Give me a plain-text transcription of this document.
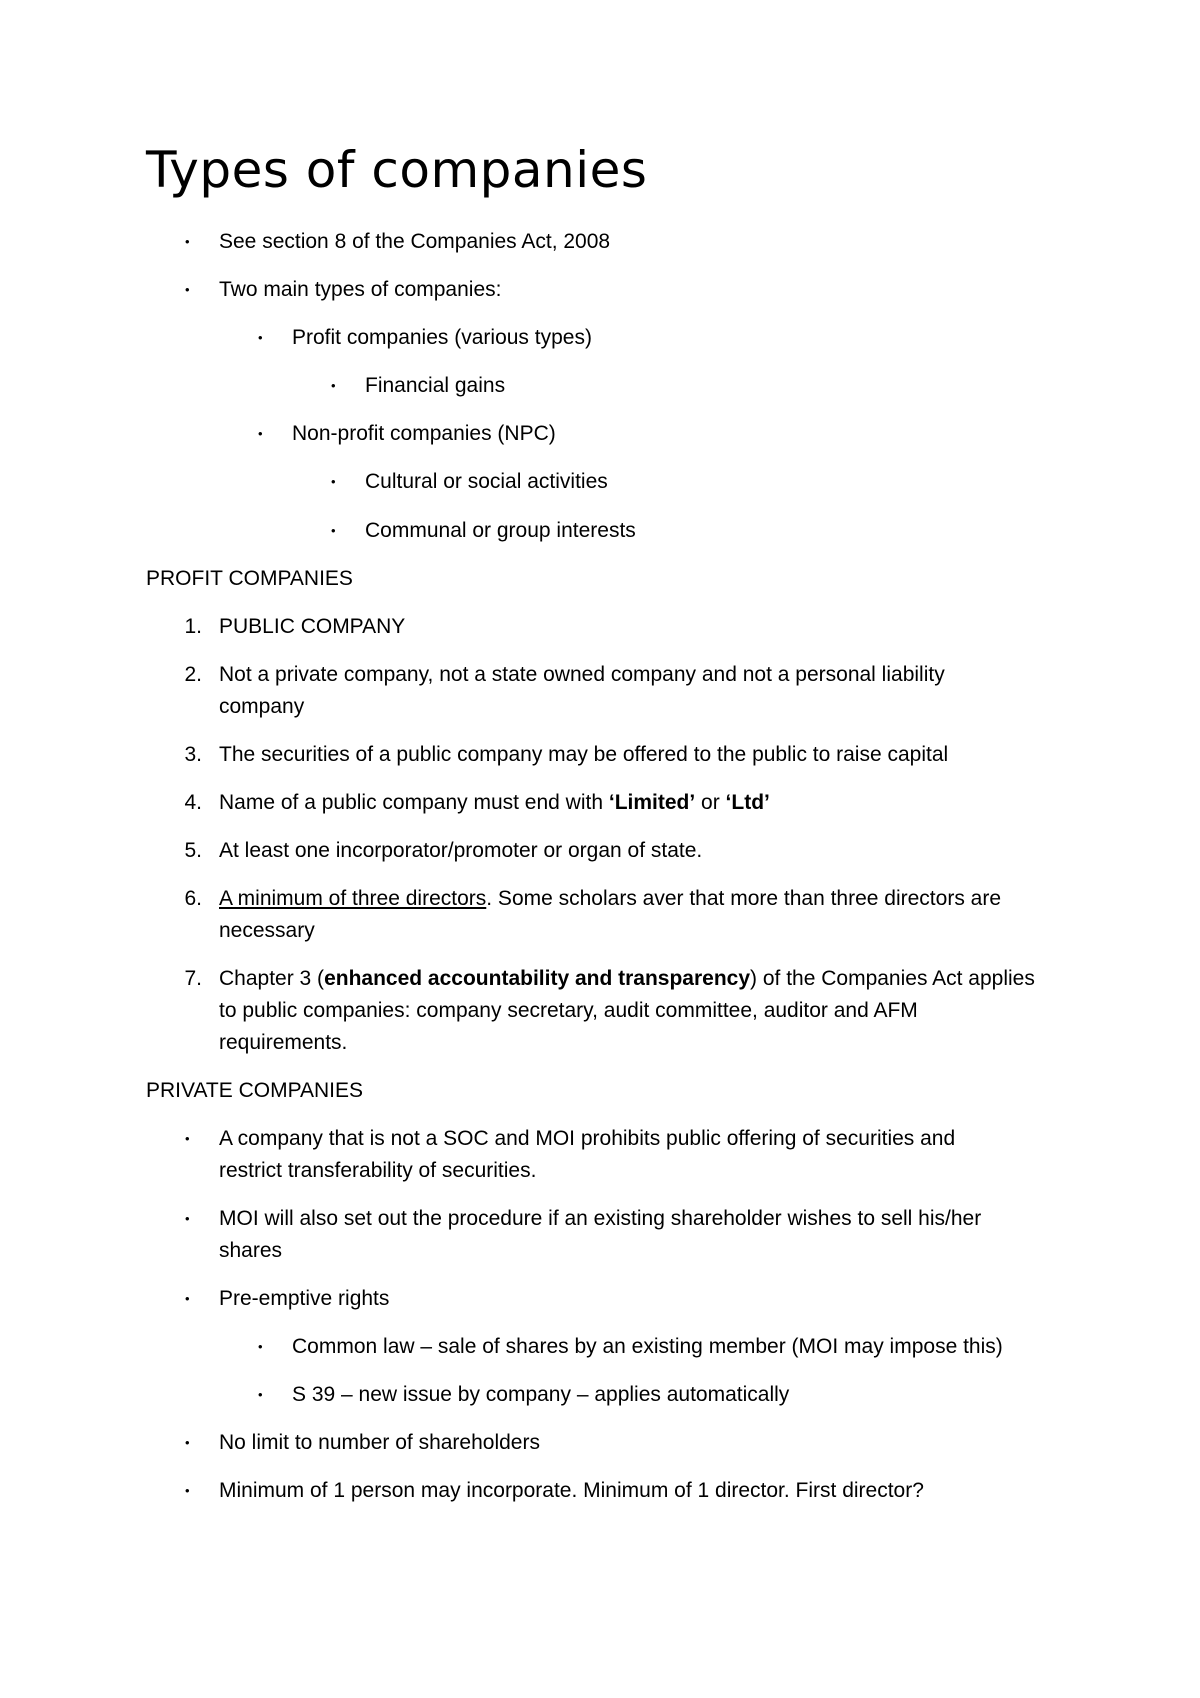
Types of companies
• See section 8 of the Companies Act, 2008
• Two main types of companies:
• Profit companies (various types)
• Financial gains
• Non-profit companies (NPC)
• Cultural or social activities
• Communal or group interests
PROFIT COMPANIES
1. PUBLIC COMPANY
2. Not a private company, not a state owned company and not a personal liability
company
3. The securities of a public company may be offered to the public to raise capital
4. Name of a public company must end with ‘Limited’ or ‘Ltd’
5. At least one incorporator/promoter or organ of state.
6. A minimum of three directors. Some scholars aver that more than three directors are
necessary
7. Chapter 3 (enhanced accountability and transparency) of the Companies Act applies
to public companies: company secretary, audit committee, auditor and AFM
requirements.
PRIVATE COMPANIES
• A company that is not a SOC and MOI prohibits public offering of securities and
restrict transferability of securities.
• MOI will also set out the procedure if an existing shareholder wishes to sell his/her
shares
• Pre-emptive rights
• Common law – sale of shares by an existing member (MOI may impose this)
• S 39 – new issue by company – applies automatically
• No limit to number of shareholders
• Minimum of 1 person may incorporate. Minimum of 1 director. First director?
